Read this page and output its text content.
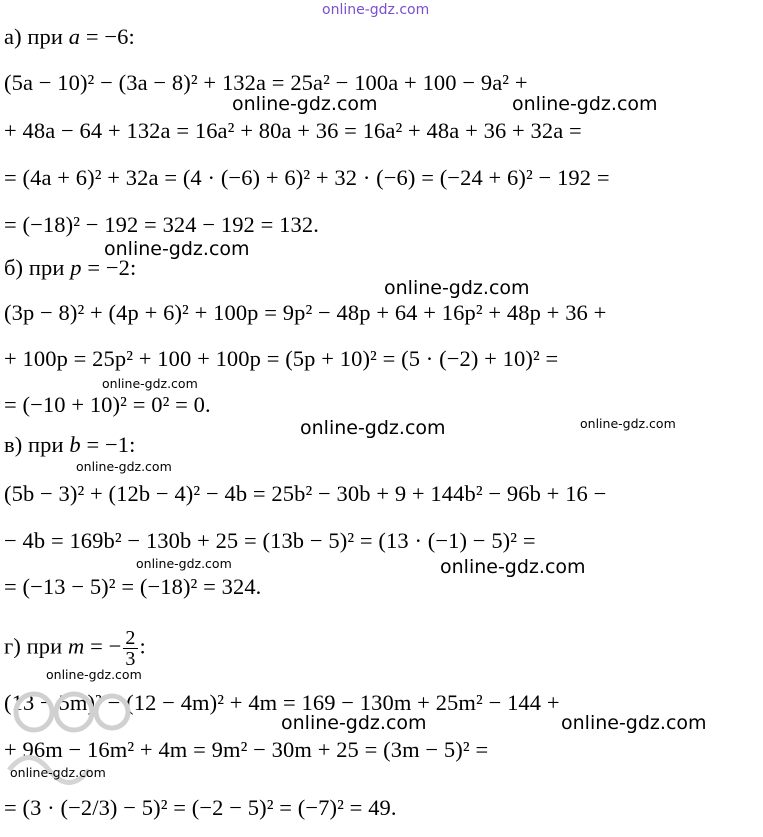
online-gdz.com
а) при a = −6:
(5a − 10)² − (3a − 8)² + 132a = 25a² − 100a + 100 − 9a² +
+ 48a − 64 + 132a = 16a² + 80a + 36 = 16a² + 48a + 36 + 32a =
= (4a + 6)² + 32a = (4 · (−6) + 6)² + 32 · (−6) = (−24 + 6)² − 192 =
= (−18)² − 192 = 324 − 192 = 132.
б) при p = −2:
(3p − 8)² + (4p + 6)² + 100p = 9p² − 48p + 64 + 16p² + 48p + 36 +
+ 100p = 25p² + 100 + 100p = (5p + 10)² = (5 · (−2) + 10)² =
= (−10 + 10)² = 0² = 0.
в) при b = −1:
(5b − 3)² + (12b − 4)² − 4b = 25b² − 30b + 9 + 144b² − 96b + 16 −
− 4b = 169b² − 130b + 25 = (13b − 5)² = (13 · (−1) − 5)² =
= (−13 − 5)² = (−18)² = 324.
г) при m = − $\frac{2}{3}$ :
(13 − 5m)² − (12 − 4m)² + 4m = 169 − 130m + 25m² − 144 +
+ 96m − 16m² + 4m = 9m² − 30m + 25 = (3m − 5)² =
= (3 · (−2/3) − 5)² = (−2 − 5)² = (−7)² = 49.
online-gdz.com	online-gdz.com
online-gdz.com
online-gdz.com
online-gdz.com
online-gdz.com
online-gdz.com	online-gdz.com
online-gdz.com
online-gdz.com
online-gdz.com
online-gdz.com
online-gdz.com
online-gdz.com
